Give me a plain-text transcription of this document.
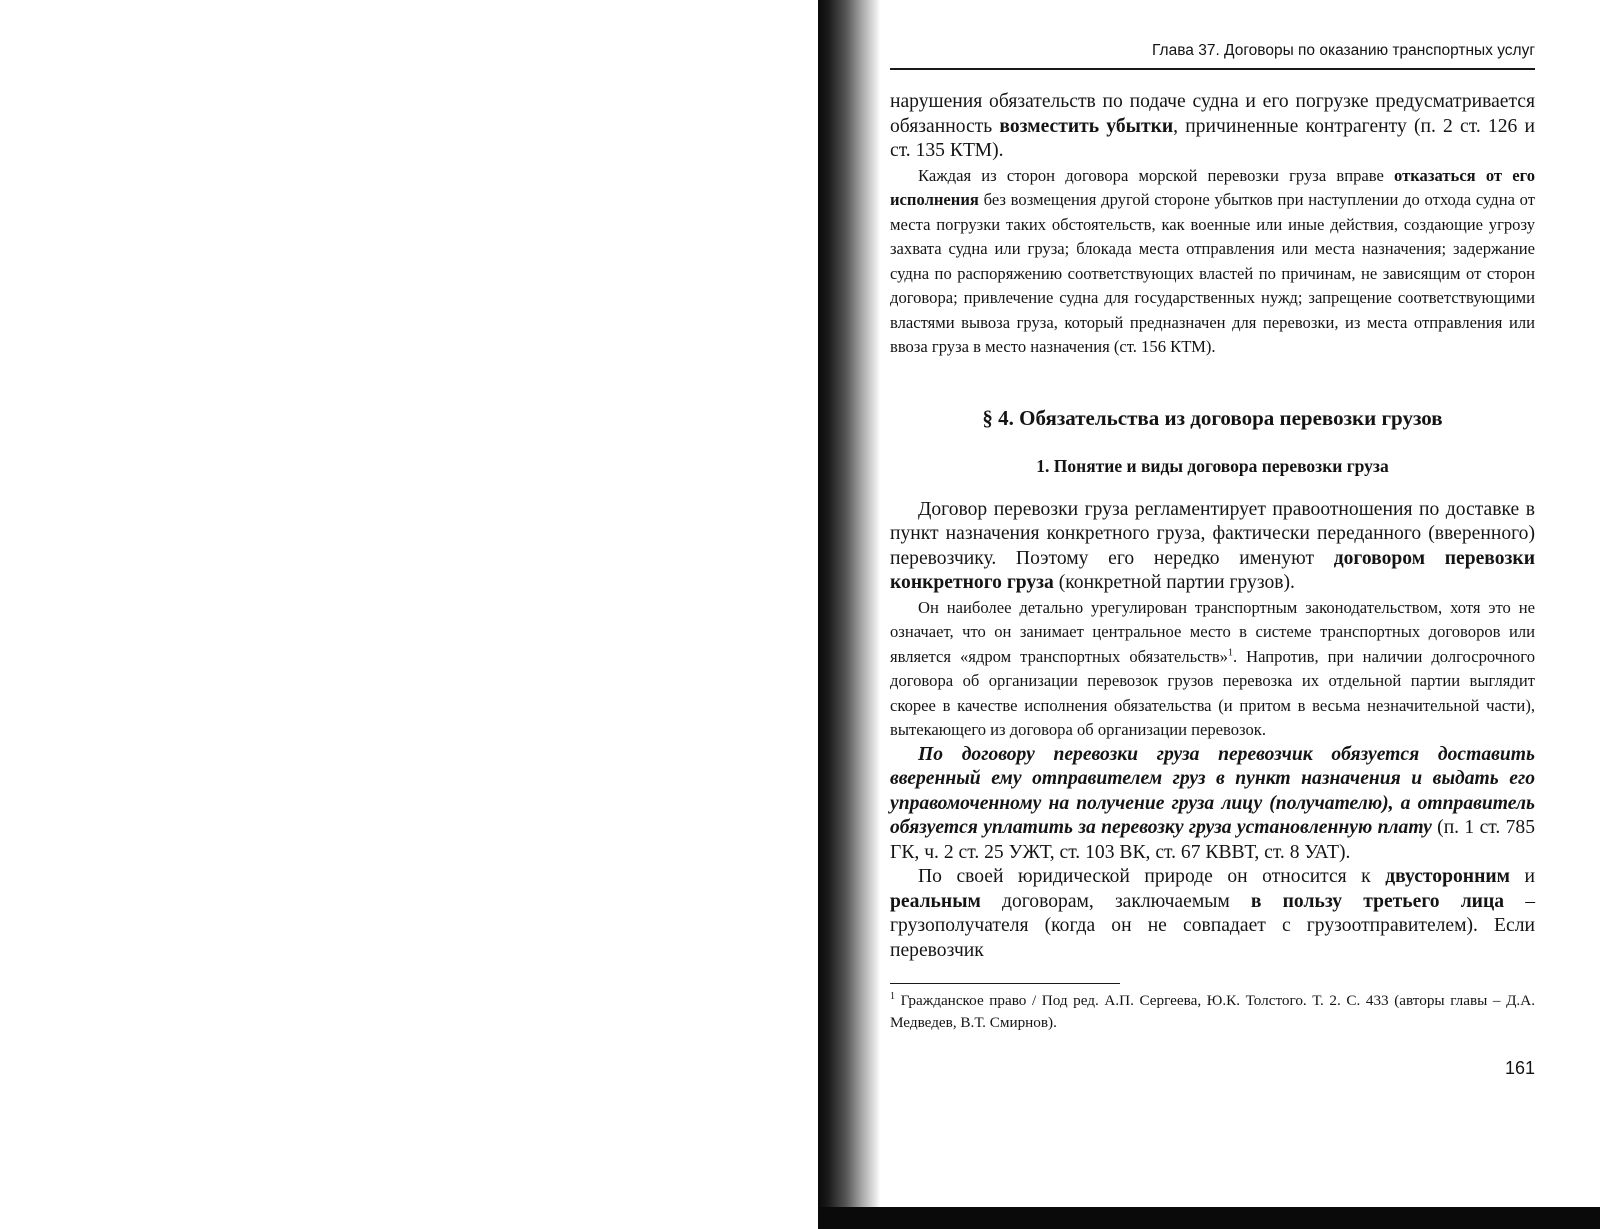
Глава 37. Договоры по оказанию транспортных услуг

нарушения обязательств по подаче судна и его погрузке предусматривается обязанность возместить убытки, причиненные контрагенту (п. 2 ст. 126 и ст. 135 КТМ).

Каждая из сторон договора морской перевозки груза вправе отказаться от его исполнения без возмещения другой стороне убытков при наступлении до отхода судна от места погрузки таких обстоятельств, как военные или иные действия, создающие угрозу захвата судна или груза; блокада места отправления или места назначения; задержание судна по распоряжению соответствующих властей по причинам, не зависящим от сторон договора; привлечение судна для государственных нужд; запрещение соответствующими властями вывоза груза, который предназначен для перевозки, из места отправления или ввоза груза в место назначения (ст. 156 КТМ).

§ 4. Обязательства из договора перевозки грузов
1. Понятие и виды договора перевозки груза

Договор перевозки груза регламентирует правоотношения по доставке в пункт назначения конкретного груза, фактически переданного (вверенного) перевозчику. Поэтому его нередко именуют договором перевозки конкретного груза (конкретной партии грузов).

Он наиболее детально урегулирован транспортным законодательством, хотя это не означает, что он занимает центральное место в системе транспортных договоров или является «ядром транспортных обязательств»$^1$. Напротив, при наличии долгосрочного договора об организации перевозок грузов перевозка их отдельной партии выглядит скорее в качестве исполнения обязательства (и притом в весьма незначительной части), вытекающего из договора об организации перевозок.

По договору перевозки груза перевозчик обязуется доставить вверенный ему отправителем груз в пункт назначения и выдать его управомоченному на получение груза лицу (получателю), а отправитель обязуется уплатить за перевозку груза установленную плату (п. 1 ст. 785 ГК, ч. 2 ст. 25 УЖТ, ст. 103 ВК, ст. 67 КВВТ, ст. 8 УАТ).

По своей юридической природе он относится к двусторонним и реальным договорам, заключаемым в пользу третьего лица – грузополучателя (когда он не совпадает с грузоотправителем). Если перевозчик

$^1$ Гражданское право / Под ред. А.П. Сергеева, Ю.К. Толстого. Т. 2. С. 433 (авторы главы – Д.А. Медведев, В.Т. Смирнов).
161
